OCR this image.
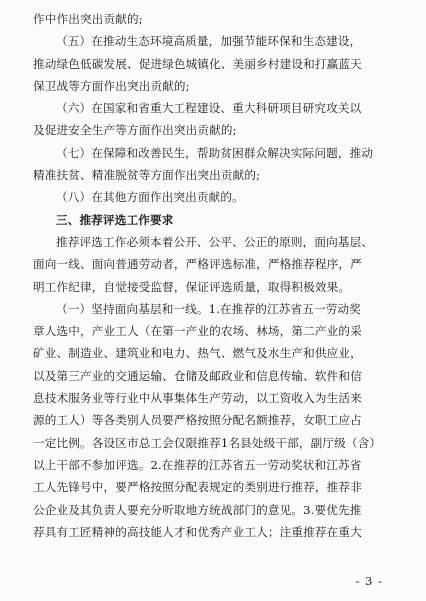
作中作出突出贡献的;
（五）在推动生态环境高质量，加强节能环保和生态建设，
推动绿色低碳发展、促进绿色城镇化、美丽乡村建设和打赢蓝天
保卫战等方面作出突出贡献的;
（六）在国家和省重大工程建设、重大科研项目研究攻关以
及促进安全生产等方面作出突出贡献的;
（七）在保障和改善民生，帮助贫困群众解决实际问题，推动
精准扶贫、精准脱贫等方面作出突出贡献的;
（八）在其他方面作出突出贡献的。
三、推荐评选工作要求
推荐评选工作必须本着公开、公平、公正的原则，面向基层、
面向一线、面向普通劳动者，严格评选标准，严格推荐程序，严
明工作纪律，自觉接受监督，保证评选质量，取得积极效果。
（一）坚持面向基层和一线。1.在推荐的江苏省五一劳动奖
章人选中，产业工人（在第一产业的农场、林场，第二产业的采
矿业、制造业、建筑业和电力、热气、燃气及水生产和供应业，
以及第三产业的交通运输、仓储及邮政业和信息传输、软件和信
息技术服务业等行业中从事集体生产劳动，以工资收入为生活来
源的工人）等各类别人员要严格按照分配名额推荐，女职工应占
一定比例。各设区市总工会仅限推荐1名县处级干部，副厅级（含）
以上干部不参加评选。2.在推荐的江苏省五一劳动奖状和江苏省
工人先锋号中，要严格按照分配表规定的类别进行推荐，推荐非
公企业及其负责人要充分听取地方统战部门的意见。3.要优先推
荐具有工匠精神的高技能人才和优秀产业工人；注重推荐在重大
- 3 -
